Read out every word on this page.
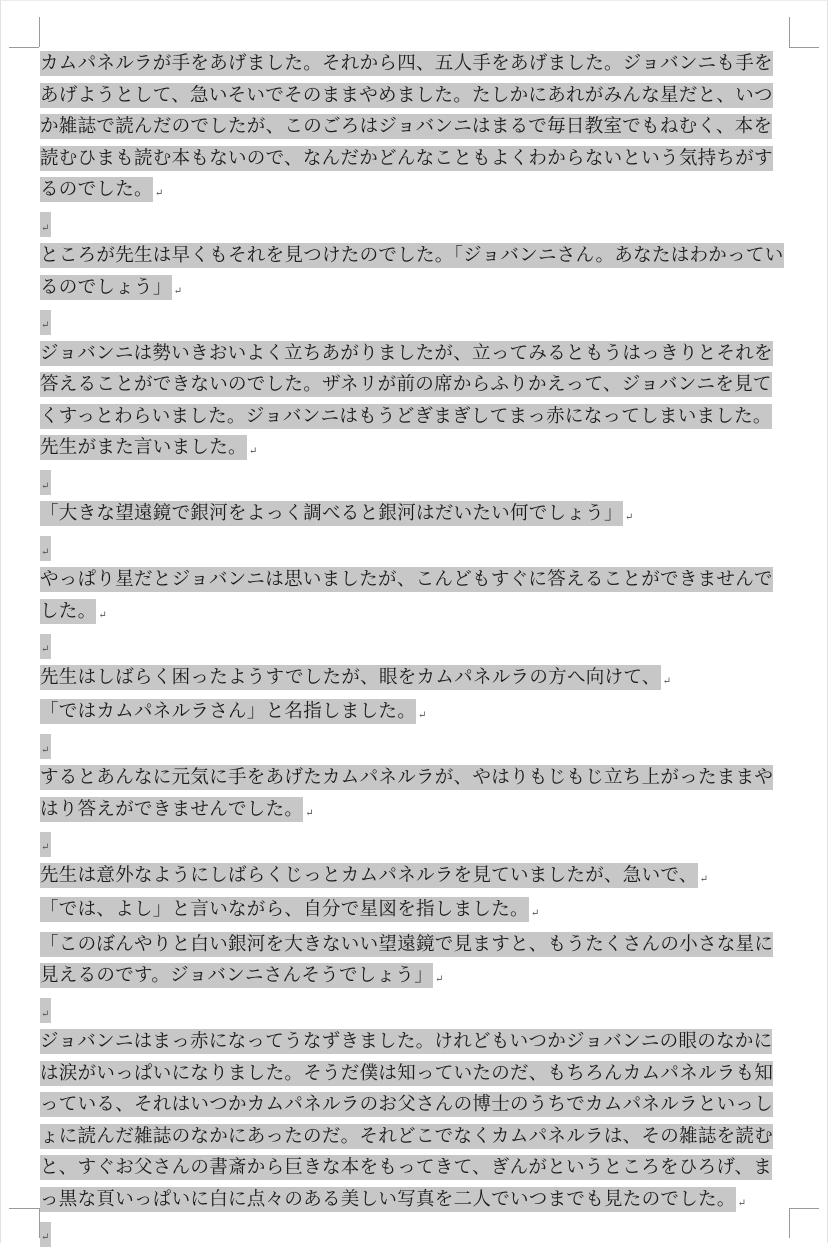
カムパネルラが手をあげました。それから四、五人手をあげました。ジョバンニも手をあげようとして、急いそいでそのままやめました。たしかにあれがみんな星だと、いつか雑誌で読んだのでしたが、このごろはジョバンニはまるで毎日教室でもねむく、本を読むひまも読む本もないので、なんだかどんなこともよくわからないという気持ちがするのでした。 ↵

↵

ところが先生は早くもそれを見つけたのでした。「ジョバンニさん。あなたはわかっているのでしょう」 ↵

↵

ジョバンニは勢いきおいよく立ちあがりましたが、立ってみるともうはっきりとそれを答えることができないのでした。ザネリが前の席からふりかえって、ジョバンニを見てくすっとわらいました。ジョバンニはもうどぎまぎしてまっ赤になってしまいました。先生がまた言いました。 ↵

↵

「大きな望遠鏡で銀河をよっく調べると銀河はだいたい何でしょう」 ↵

↵

やっぱり星だとジョバンニは思いましたが、こんどもすぐに答えることができませんでした。 ↵

↵

先生はしばらく困ったようすでしたが、眼をカムパネルラの方へ向けて、 ↵

「ではカムパネルラさん」と名指しました。 ↵

↵

するとあんなに元気に手をあげたカムパネルラが、やはりもじもじ立ち上がったままやはり答えができませんでした。 ↵

↵

先生は意外なようにしばらくじっとカムパネルラを見ていましたが、急いで、 ↵

「では、よし」と言いながら、自分で星図を指しました。 ↵

「このぼんやりと白い銀河を大きないい望遠鏡で見ますと、もうたくさんの小さな星に見えるのです。ジョバンニさんそうでしょう」 ↵

↵

ジョバンニはまっ赤になってうなずきました。けれどもいつかジョバンニの眼のなかには涙がいっぱいになりました。そうだ僕は知っていたのだ、もちろんカムパネルラも知っている、それはいつかカムパネルラのお父さんの博士のうちでカムパネルラといっしょに読んだ雑誌のなかにあったのだ。それどこでなくカムパネルラは、その雑誌を読むと、すぐお父さんの書斎から巨きな本をもってきて、ぎんがというところをひろげ、まっ黒な頁いっぱいに白に点々のある美しい写真を二人でいつまでも見たのでした。 ↵

↵
